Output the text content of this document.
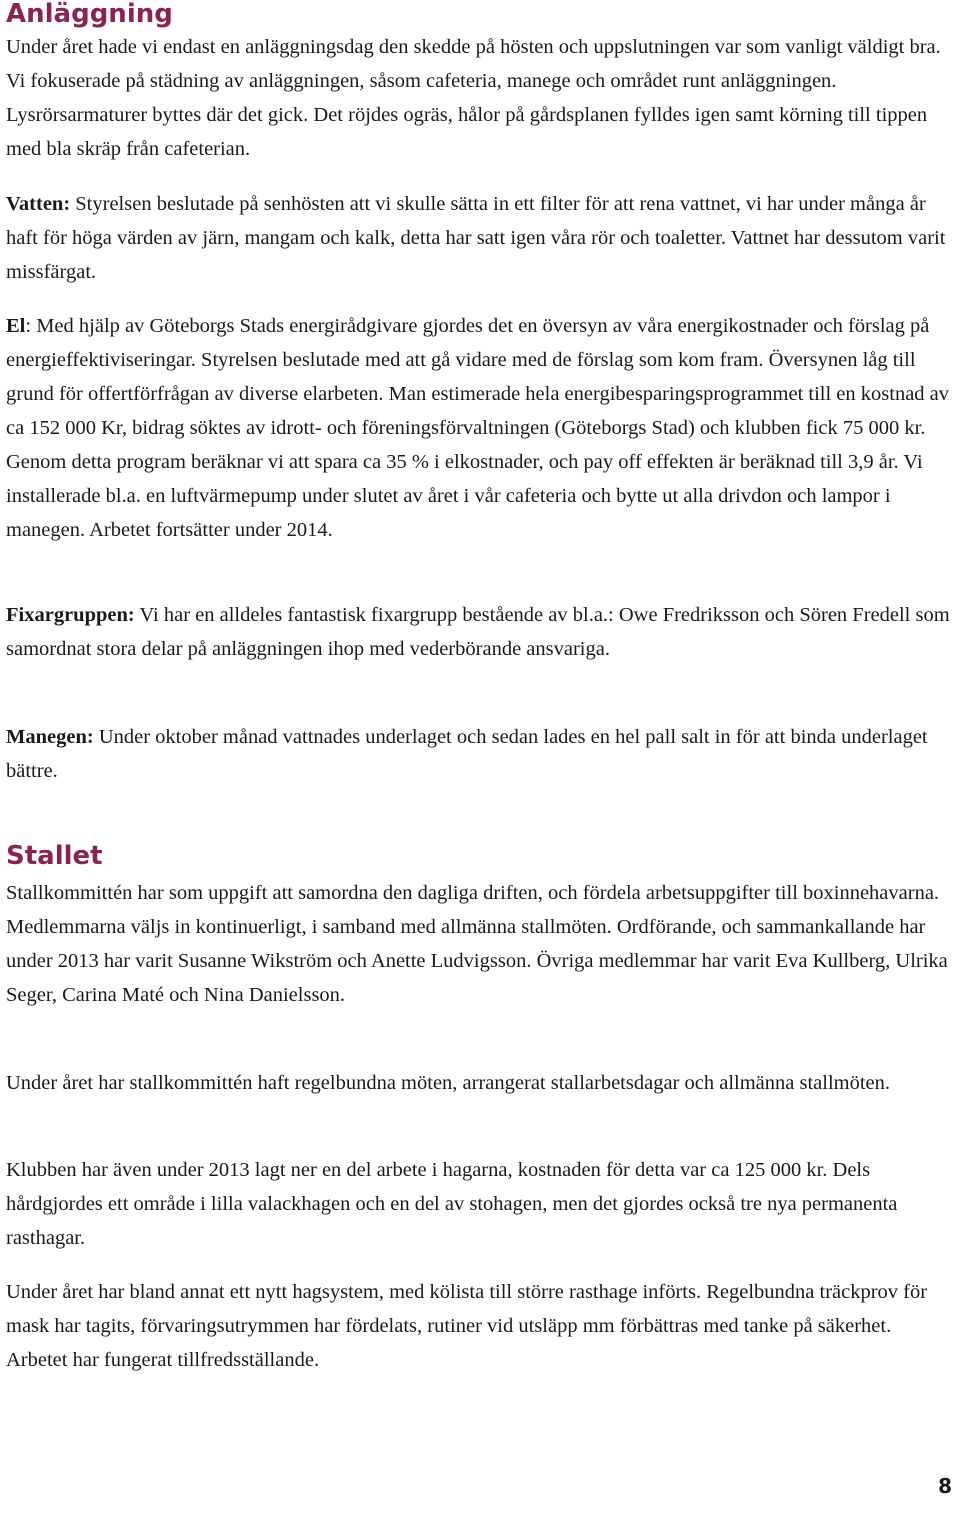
Anläggning

Under året hade vi endast en anläggningsdag den skedde på hösten och uppslutningen var som vanligt väldigt bra. Vi fokuserade på städning av anläggningen, såsom cafeteria, manege och området runt anläggningen. Lysrörsarmaturer byttes där det gick. Det röjdes ogräs, hålor på gårdsplanen fylldes igen samt körning till tippen med bla skräp från cafeterian.

Vatten: Styrelsen beslutade på senhösten att vi skulle sätta in ett filter för att rena vattnet, vi har under många år haft för höga värden av järn, mangam och kalk, detta har satt igen våra rör och toaletter. Vattnet har dessutom varit missfärgat.

El: Med hjälp av Göteborgs Stads energirådgivare gjordes det en översyn av våra energikostnader och förslag på energieffektiviseringar. Styrelsen beslutade med att gå vidare med de förslag som kom fram. Översynen låg till grund för offertförfrågan av diverse elarbeten. Man estimerade hela energibesparingsprogrammet till en kostnad av ca 152 000 Kr, bidrag söktes av idrott- och föreningsförvaltningen (Göteborgs Stad) och klubben fick 75 000 kr. Genom detta program beräknar vi att spara ca 35 % i elkostnader, och pay off effekten är beräknad till 3,9 år. Vi installerade bl.a. en luftvärmepump under slutet av året i vår cafeteria och bytte ut alla drivdon och lampor i manegen. Arbetet fortsätter under 2014.

Fixargruppen: Vi har en alldeles fantastisk fixargrupp bestående av bl.a.: Owe Fredriksson och Sören Fredell som samordnat stora delar på anläggningen ihop med vederbörande ansvariga.

Manegen: Under oktober månad vattnades underlaget och sedan lades en hel pall salt in för att binda underlaget bättre.

Stallet

Stallkommittén har som uppgift att samordna den dagliga driften, och fördela arbetsuppgifter till boxinnehavarna. Medlemmarna väljs in kontinuerligt, i samband med allmänna stallmöten. Ordförande, och sammankallande har under 2013 har varit Susanne Wikström och Anette Ludvigsson. Övriga medlemmar har varit Eva Kullberg, Ulrika Seger, Carina Maté och Nina Danielsson.

Under året har stallkommittén haft regelbundna möten, arrangerat stallarbetsdagar och allmänna stallmöten.

Klubben har även under 2013 lagt ner en del arbete i hagarna, kostnaden för detta var ca 125 000 kr. Dels hårdgjordes ett område i lilla valackhagen och en del av stohagen, men det gjordes också tre nya permanenta rasthagar.

Under året har bland annat ett nytt hagsystem, med kölista till större rasthage införts. Regelbundna träckprov för mask har tagits, förvaringsutrymmen har fördelats, rutiner vid utsläpp mm förbättras med tanke på säkerhet. Arbetet har fungerat tillfredsställande.

8
